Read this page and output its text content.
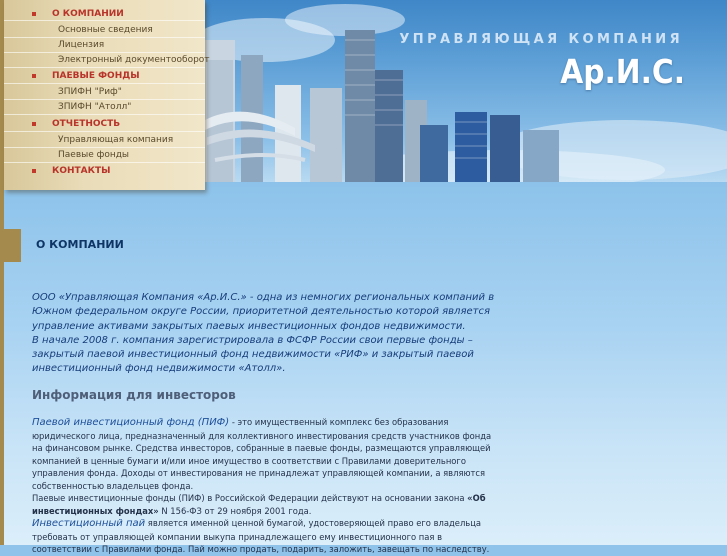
УПРАВЛЯЮЩАЯ КОМПАНИЯ
Ар.И.С.
О КОМПАНИИ
Основные сведения
Лицензия
Электронный документооборот
ПАЕВЫЕ ФОНДЫ
ЗПИФН "Риф"
ЗПИФН "Атолл"
ОТЧЕТНОСТЬ
Управляющая компания
Паевые фонды
КОНТАКТЫ
О КОМПАНИИ

ООО «Управляющая Компания «Ар.И.С.» - одна из немногих региональных компаний в Южном федеральном округе России, приоритетной деятельностью которой является управление активами закрытых паевых инвестиционных фондов недвижимости.

В начале 2008 г. компания зарегистрировала в ФСФР России свои первые фонды – закрытый паевой инвестиционный фонд недвижимости «РИФ» и закрытый паевой инвестиционный фонд недвижимости «Атолл».

Информация для инвесторов

Паевой инвестиционный фонд (ПИФ) - это имущественный комплекс без образования юридического лица, предназначенный для коллективного инвестирования средств участников фонда на финансовом рынке. Средства инвесторов, собранные в паевые фонды, размещаются управляющей компанией в ценные бумаги и/или иное имущество в соответствии с Правилами доверительного управления фонда. Доходы от инвестирования не принадлежат управляющей компании, а являются собственностью владельцев фонда.

Паевые инвестиционные фонды (ПИФ) в Российской Федерации действуют на основании закона «Об инвестиционных фондах» N 156-ФЗ от 29 ноября 2001 года.

Инвестиционный пай является именной ценной бумагой, удостоверяющей право его владельца требовать от управляющей компании выкупа принадлежащего ему инвестиционного пая в соответствии с Правилами фонда. Пай можно продать, подарить, заложить, завещать по наследству.
